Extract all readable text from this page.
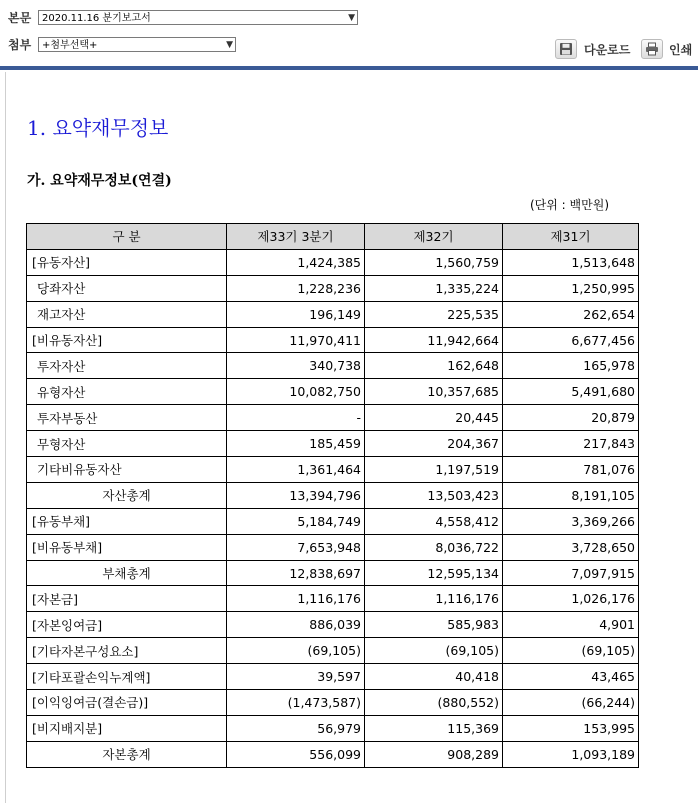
본문	2020.11.16 분기보고서	▼
첨부	+첨부선택+	▼	다운로드	인쇄
1. 요약재무정보
가. 요약재무정보(연결)
(단위 : 백만원)
구 분	제33기 3분기	제32기	제31기
[유동자산]	1,424,385	1,560,759	1,513,648
당좌자산	1,228,236	1,335,224	1,250,995
재고자산	196,149	225,535	262,654
[비유동자산]	11,970,411	11,942,664	6,677,456
투자자산	340,738	162,648	165,978
유형자산	10,082,750	10,357,685	5,491,680
투자부동산	-	20,445	20,879
무형자산	185,459	204,367	217,843
기타비유동자산	1,361,464	1,197,519	781,076
자산총계	13,394,796	13,503,423	8,191,105
[유동부채]	5,184,749	4,558,412	3,369,266
[비유동부채]	7,653,948	8,036,722	3,728,650
부채총계	12,838,697	12,595,134	7,097,915
[자본금]	1,116,176	1,116,176	1,026,176
[자본잉여금]	886,039	585,983	4,901
[기타자본구성요소]	(69,105)	(69,105)	(69,105)
[기타포괄손익누계액]	39,597	40,418	43,465
[이익잉여금(결손금)]	(1,473,587)	(880,552)	(66,244)
[비지배지분]	56,979	115,369	153,995
자본총계	556,099	908,289	1,093,189
